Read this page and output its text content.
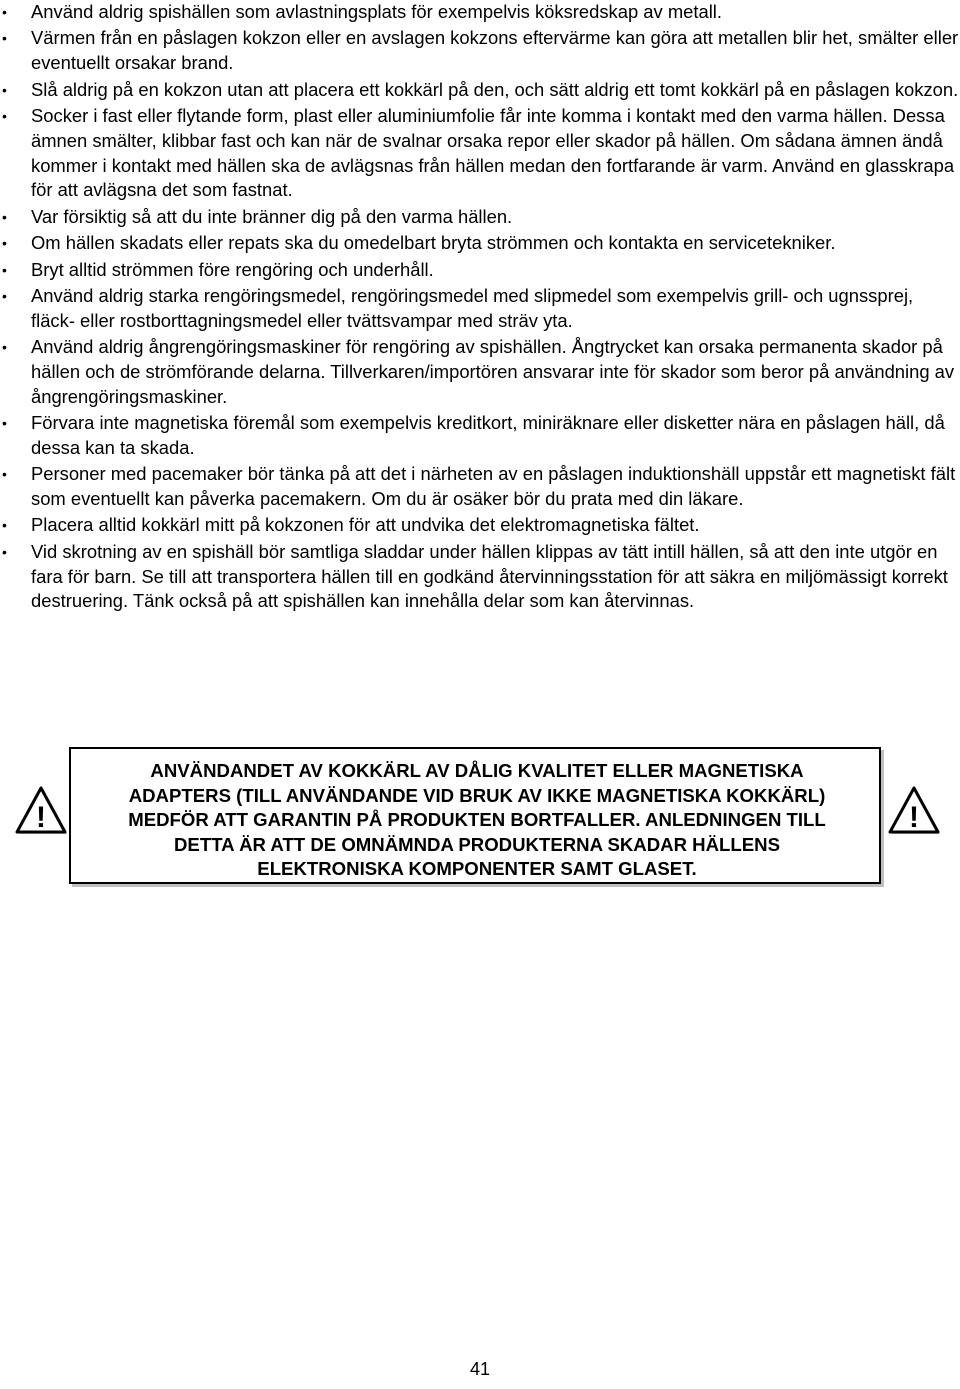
• Använd aldrig spishällen som avlastningsplats för exempelvis köksredskap av metall.
• Värmen från en påslagen kokzon eller en avslagen kokzons eftervärme kan göra att metallen blir het, smälter eller eventuellt orsakar brand.
• Slå aldrig på en kokzon utan att placera ett kokkärl på den, och sätt aldrig ett tomt kokkärl på en påslagen kokzon.
• Socker i fast eller flytande form, plast eller aluminiumfolie får inte komma i kontakt med den varma hällen. Dessa ämnen smälter, klibbar fast och kan när de svalnar orsaka repor eller skador på hällen. Om sådana ämnen ändå kommer i kontakt med hällen ska de avlägsnas från hällen medan den fortfarande är varm. Använd en glasskrapa för att avlägsna det som fastnat.
• Var försiktig så att du inte bränner dig på den varma hällen.
• Om hällen skadats eller repats ska du omedelbart bryta strömmen och kontakta en servicetekniker.
• Bryt alltid strömmen före rengöring och underhåll.
• Använd aldrig starka rengöringsmedel, rengöringsmedel med slipmedel som exempelvis grill- och ugnssprej, fläck- eller rostborttagningsmedel eller tvättsvampar med sträv yta.
• Använd aldrig ångrengöringsmaskiner för rengöring av spishällen. Ångtrycket kan orsaka permanenta skador på hällen och de strömförande delarna. Tillverkaren/importören ansvarar inte för skador som beror på användning av ångrengöringsmaskiner.
• Förvara inte magnetiska föremål som exempelvis kreditkort, miniräknare eller disketter nära en påslagen häll, då dessa kan ta skada.
• Personer med pacemaker bör tänka på att det i närheten av en påslagen induktionshäll uppstår ett magnetiskt fält som eventuellt kan påverka pacemakern. Om du är osäker bör du prata med din läkare.
• Placera alltid kokkärl mitt på kokzonen för att undvika det elektromagnetiska fältet.
• Vid skrotning av en spishäll bör samtliga sladdar under hällen klippas av tätt intill hällen, så att den inte utgör en fara för barn. Se till att transportera hällen till en godkänd återvinningsstation för att säkra en miljömässigt korrekt destruering. Tänk också på att spishällen kan innehålla delar som kan återvinnas.
!

ANVÄNDANDET AV KOKKÄRL AV DÅLIG KVALITET ELLER MAGNETISKA ADAPTERS (TILL ANVÄNDANDE VID BRUK AV IKKE MAGNETISKA KOKKÄRL) MEDFÖR ATT GARANTIN PÅ PRODUKTEN BORTFALLER. ANLEDNINGEN TILL DETTA ÄR ATT DE OMNÄMNDA PRODUKTERNA SKADAR HÄLLENS ELEKTRONISKA KOMPONENTER SAMT GLASET.

!
41
